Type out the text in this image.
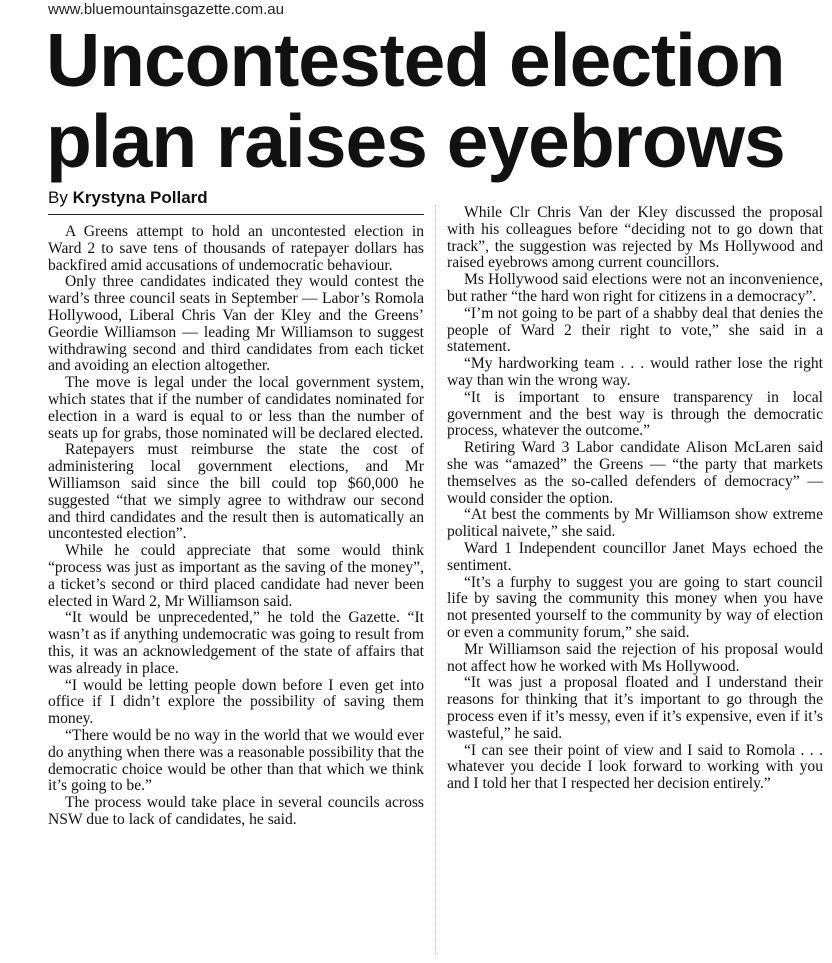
www.bluemountainsgazette.com.au
Uncontested election plan raises eyebrows
By Krystyna Pollard

A Greens attempt to hold an uncontested election in Ward 2 to save tens of thousands of ratepayer dollars has backfired amid accusations of undemocratic behaviour.

Only three candidates indicated they would contest the ward’s three council seats in September — Labor’s Romola Hollywood, Liberal Chris Van der Kley and the Greens’ Geordie Williamson — leading Mr Williamson to suggest withdrawing second and third candidates from each ticket and avoiding an election altogether.

The move is legal under the local government system, which states that if the number of candidates nominated for election in a ward is equal to or less than the number of seats up for grabs, those nominated will be declared elected.

Ratepayers must reimburse the state the cost of administering local government elections, and Mr Williamson said since the bill could top $60,000 he suggested “that we simply agree to withdraw our second and third candidates and the result then is automatically an uncontested election”.

While he could appreciate that some would think “process was just as important as the saving of the money”, a ticket’s second or third placed candidate had never been elected in Ward 2, Mr Williamson said.

“It would be unprecedented,” he told the Gazette. “It wasn’t as if anything undemocratic was going to result from this, it was an acknowledgement of the state of affairs that was already in place.

“I would be letting people down before I even get into office if I didn’t explore the possibility of saving them money.

“There would be no way in the world that we would ever do anything when there was a reasonable possibility that the democratic choice would be other than that which we think it’s going to be.”

The process would take place in several councils across NSW due to lack of candidates, he said.

While Clr Chris Van der Kley discussed the proposal with his colleagues before “deciding not to go down that track”, the suggestion was rejected by Ms Hollywood and raised eyebrows among current councillors.

Ms Hollywood said elections were not an inconvenience, but rather “the hard won right for citizens in a democracy”.

“I’m not going to be part of a shabby deal that denies the people of Ward 2 their right to vote,” she said in a statement.

“My hardworking team . . . would rather lose the right way than win the wrong way.

“It is important to ensure transparency in local government and the best way is through the democratic process, whatever the outcome.”

Retiring Ward 3 Labor candidate Alison McLaren said she was “amazed” the Greens — “the party that markets themselves as the so-called defenders of democracy” — would consider the option.

“At best the comments by Mr Williamson show extreme political naivete,” she said.

Ward 1 Independent councillor Janet Mays echoed the sentiment.

“It’s a furphy to suggest you are going to start council life by saving the community this money when you have not presented yourself to the community by way of election or even a community forum,” she said.

Mr Williamson said the rejection of his proposal would not affect how he worked with Ms Hollywood.

“It was just a proposal floated and I understand their reasons for thinking that it’s important to go through the process even if it’s messy, even if it’s expensive, even if it’s wasteful,” he said.

“I can see their point of view and I said to Romola . . . whatever you decide I look forward to working with you and I told her that I respected her decision entirely.”
